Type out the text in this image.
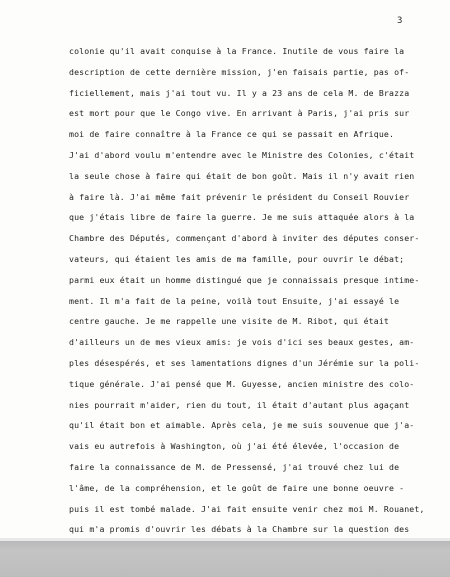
3
colonie qu'il avait conquise à la France. Inutile de vous faire la
description de cette dernière mission, j'en faisais partie, pas of-
ficiellement, mais j'ai tout vu. Il y a 23 ans de cela M. de Brazza
est mort pour que le Congo vive. En arrivant à Paris, j'ai pris sur
moi de faire connaître à la France ce qui se passait en Afrique.
J'ai d'abord voulu m'entendre avec le Ministre des Colonies, c'était
la seule chose à faire qui était de bon goût. Mais il n'y avait rien
à faire là. J'ai même fait prévenir le président du Conseil Rouvier
que j'étais libre de faire la guerre. Je me suis attaquée alors à la
Chambre des Députés, commençant d'abord à inviter des députes conser-
vateurs, qui étaient les amis de ma famille, pour ouvrir le débat;
parmi eux était un homme distingué que je connaissais presque intime-
ment. Il m'a fait de la peine, voilà tout Ensuite, j'ai essayé le
centre gauche. Je me rappelle une visite de M. Ribot, qui était
d'ailleurs un de mes vieux amis: je vois d'ici ses beaux gestes, am-
ples désespérés, et ses lamentations dignes d'un Jérémie sur la poli-
tique générale. J'ai pensé que M. Guyesse, ancien ministre des colo-
nies pourrait m'aider, rien du tout, il était d'autant plus agaçant
qu'il était bon et aimable. Après cela, je me suis souvenue que j'a-
vais eu autrefois à Washington, où j'ai été élevée, l'occasion de
faire la connaissance de M. de Pressensé, j'ai trouvé chez lui de
l'âme, de la compréhension, et le goût de faire une bonne oeuvre -
puis il est tombé malade. J'ai fait ensuite venir chez moi M. Rouanet,
qui m'a promis d'ouvrir les débats à la Chambre sur la question des
